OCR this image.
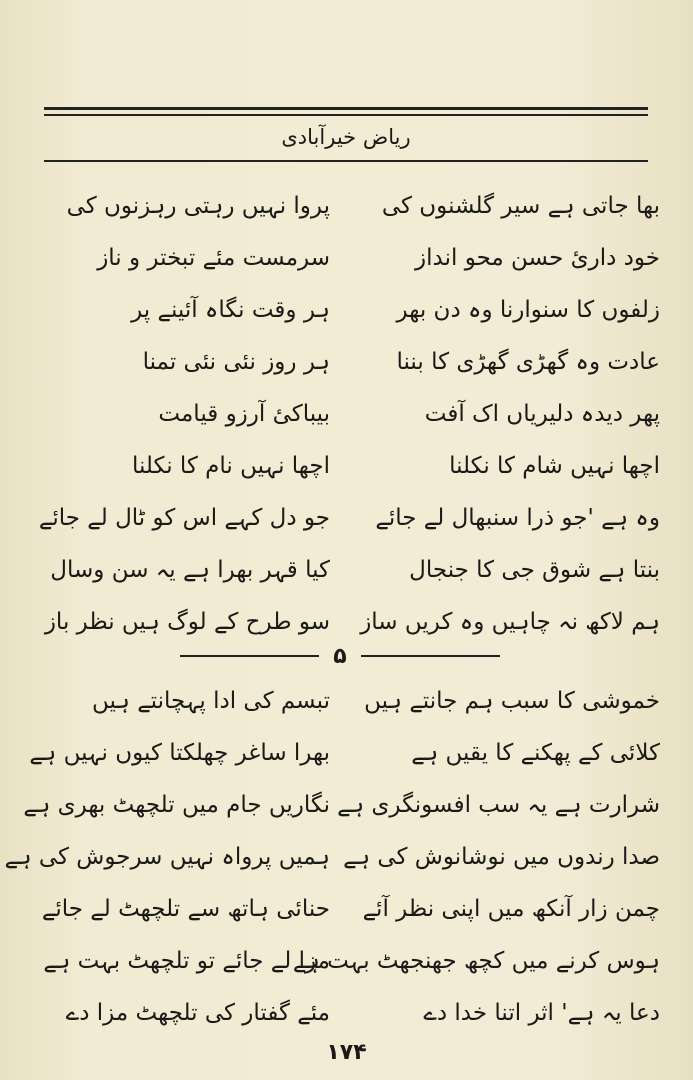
ریاض خیرآبادی
بھا جاتی ہے سیر گلشنوں کی
خود داریٔ حسن محو انداز
زلفوں کا سنوارنا وہ دن بھر
عادت وہ گھڑی گھڑی کا بننا
پھر دیدہ دلیریاں اک آفت
اچھا نہیں شام کا نکلنا
وہ ہے 'جو ذرا سنبھال لے جائے
بنتا ہے شوق جی کا جنجال
ہم لاکھ نہ چاہیں وہ کریں ساز
پروا نہیں رہتی رہزنوں کی
سرمست مئے تبختر و ناز
ہر وقت نگاہ آئینے پر
ہر روز نئی نئی تمنا
بیباکیٔ آرزو قیامت
اچھا نہیں نام کا نکلنا
جو دل کہے اس کو ٹال لے جائے
کیا قہر بھرا ہے یہ سن وسال
سو طرح کے لوگ ہیں نظر باز
۵
خموشی کا سبب ہم جانتے ہیں
کلائی کے پھکنے کا یقیں ہے
شرارت ہے یہ سب افسونگری ہے
صدا رندوں میں نوشانوش کی ہے
چمن زار آنکھ میں اپنی نظر آئے
ہوس کرنے میں کچھ جھنجھٹ بہت ہے
دعا یہ ہے' اثر اتنا خدا دے
تبسم کی ادا پہچانتے ہیں
بھرا ساغر چھلکتا کیوں نہیں ہے
نگاریں جام میں تلچھٹ بھری ہے
ہمیں پرواہ نہیں سرجوش کی ہے
حنائی ہاتھ سے تلچھٹ لے جائے
مزا لے جائے تو تلچھٹ بہت ہے
مئے گفتار کی تلچھٹ مزا دے
۱۷۴
